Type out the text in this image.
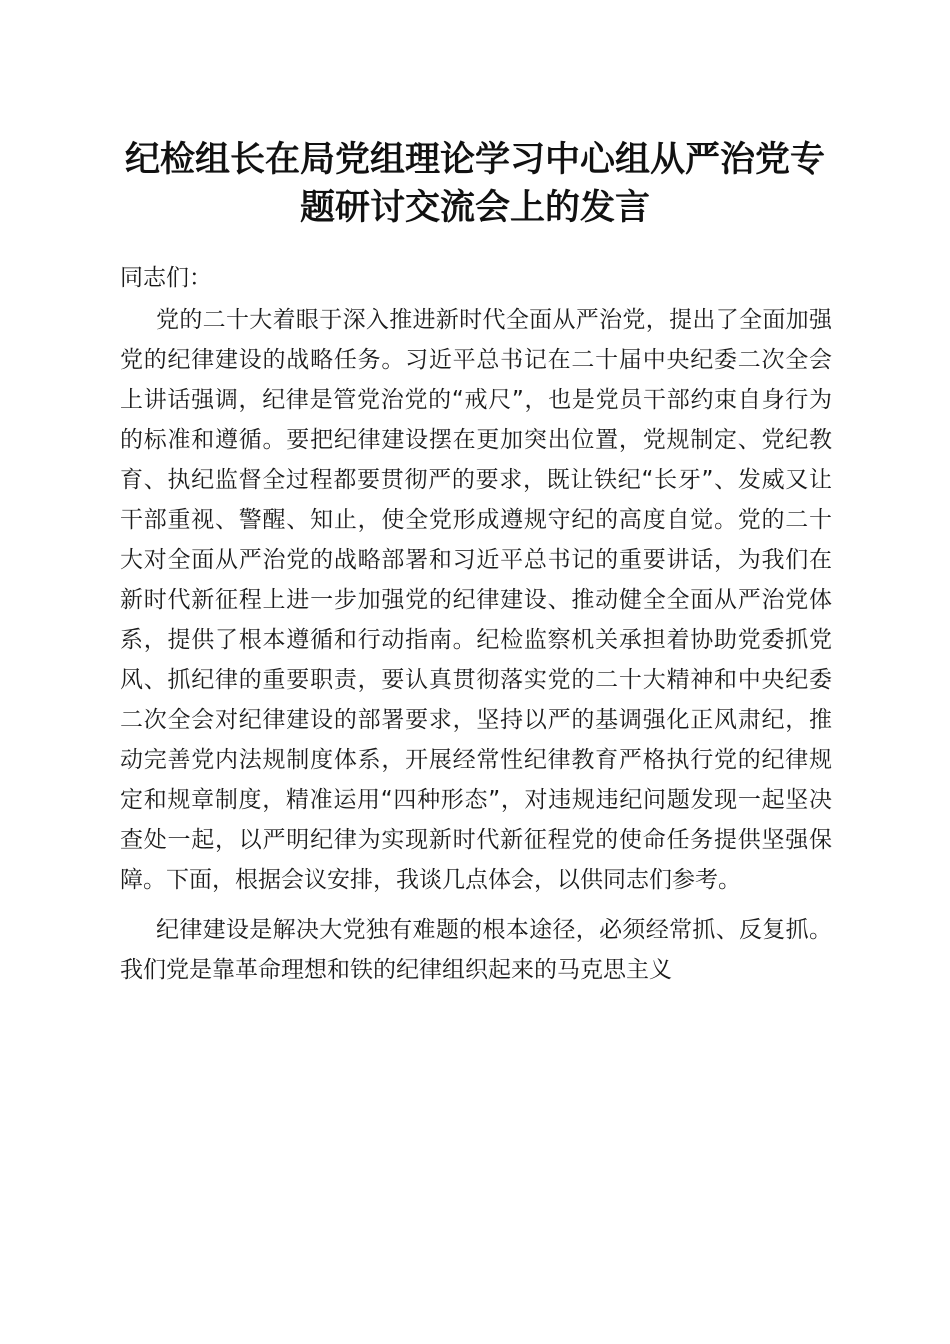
纪检组长在局党组理论学习中心组从严治党专题研讨交流会上的发言

同志们：

党的二十大着眼于深入推进新时代全面从严治党，提出了全面加强党的纪律建设的战略任务。习近平总书记在二十届中央纪委二次全会上讲话强调，纪律是管党治党的“戒尺”，也是党员干部约束自身行为的标准和遵循。要把纪律建设摆在更加突出位置，党规制定、党纪教育、执纪监督全过程都要贯彻严的要求，既让铁纪“长牙”、发威又让干部重视、警醒、知止，使全党形成遵规守纪的高度自觉。党的二十大对全面从严治党的战略部署和习近平总书记的重要讲话，为我们在新时代新征程上进一步加强党的纪律建设、推动健全全面从严治党体系，提供了根本遵循和行动指南。纪检监察机关承担着协助党委抓党风、抓纪律的重要职责，要认真贯彻落实党的二十大精神和中央纪委二次全会对纪律建设的部署要求，坚持以严的基调强化正风肃纪，推动完善党内法规制度体系，开展经常性纪律教育严格执行党的纪律规定和规章制度，精准运用“四种形态”，对违规违纪问题发现一起坚决查处一起，以严明纪律为实现新时代新征程党的使命任务提供坚强保障。下面，根据会议安排，我谈几点体会，以供同志们参考。

纪律建设是解决大党独有难题的根本途径，必须经常抓、反复抓。我们党是靠革命理想和铁的纪律组织起来的马克思主义
